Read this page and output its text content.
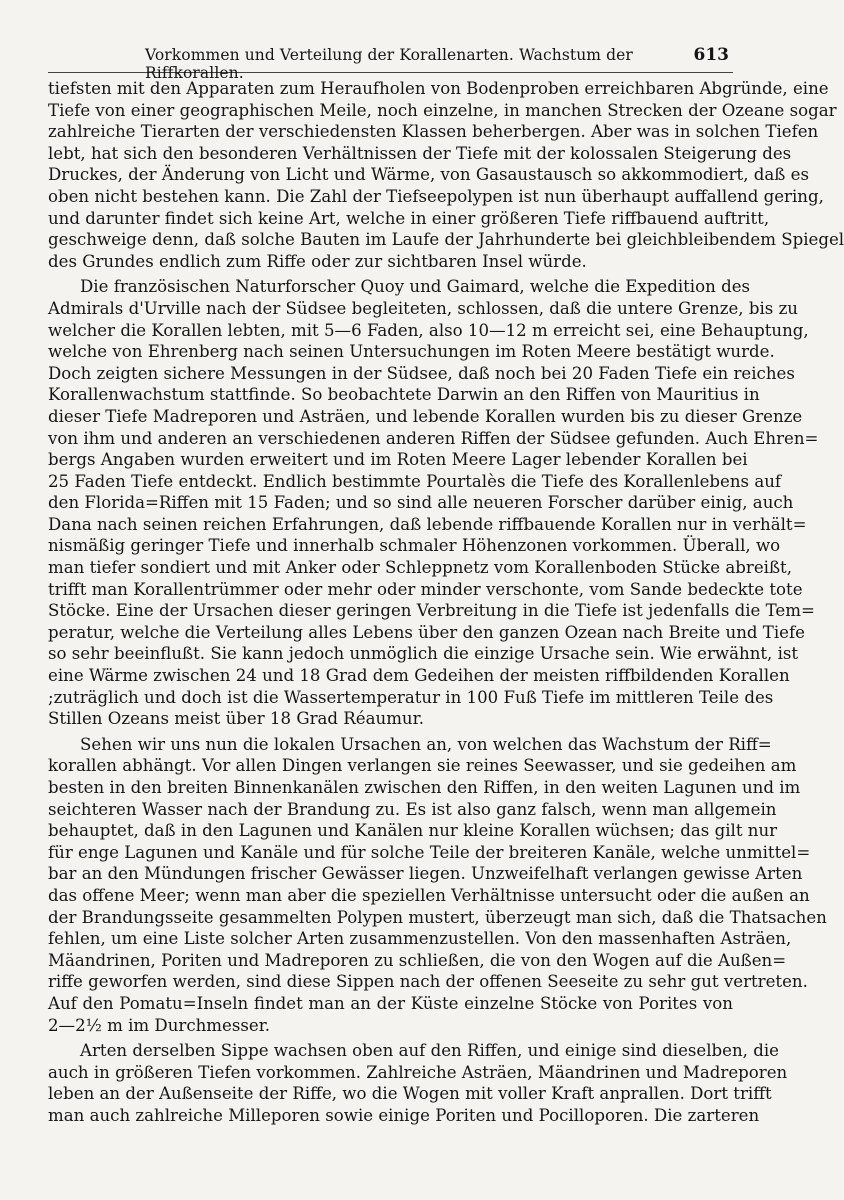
Vorkommen und Verteilung der Korallenarten. Wachstum der Riffkorallen.
613
tiefsten mit den Apparaten zum Heraufholen von Bodenproben erreichbaren Abgründe, eine
Tiefe von einer geographischen Meile, noch einzelne, in manchen Strecken der Ozeane sogar
zahlreiche Tierarten der verschiedensten Klassen beherbergen. Aber was in solchen Tiefen
lebt, hat sich den besonderen Verhältnissen der Tiefe mit der kolossalen Steigerung des
Druckes, der Änderung von Licht und Wärme, von Gasaustausch so akkommodiert, daß es
oben nicht bestehen kann. Die Zahl der Tiefseepolypen ist nun überhaupt auffallend gering,
und darunter findet sich keine Art, welche in einer größeren Tiefe riffbauend auftritt,
geschweige denn, daß solche Bauten im Laufe der Jahrhunderte bei gleichbleibendem Spiegel
des Grundes endlich zum Riffe oder zur sichtbaren Insel würde.
Die französischen Naturforscher Quoy und Gaimard, welche die Expedition des
Admirals d'Urville nach der Südsee begleiteten, schlossen, daß die untere Grenze, bis zu
welcher die Korallen lebten, mit 5—6 Faden, also 10—12 m erreicht sei, eine Behauptung,
welche von Ehrenberg nach seinen Untersuchungen im Roten Meere bestätigt wurde.
Doch zeigten sichere Messungen in der Südsee, daß noch bei 20 Faden Tiefe ein reiches
Korallenwachstum stattfinde. So beobachtete Darwin an den Riffen von Mauritius in
dieser Tiefe Madreporen und Asträen, und lebende Korallen wurden bis zu dieser Grenze
von ihm und anderen an verschiedenen anderen Riffen der Südsee gefunden. Auch Ehren=
bergs Angaben wurden erweitert und im Roten Meere Lager lebender Korallen bei
25 Faden Tiefe entdeckt. Endlich bestimmte Pourtalès die Tiefe des Korallenlebens auf
den Florida=Riffen mit 15 Faden; und so sind alle neueren Forscher darüber einig, auch
Dana nach seinen reichen Erfahrungen, daß lebende riffbauende Korallen nur in verhält=
nismäßig geringer Tiefe und innerhalb schmaler Höhenzonen vorkommen. Überall, wo
man tiefer sondiert und mit Anker oder Schleppnetz vom Korallenboden Stücke abreißt,
trifft man Korallentrümmer oder mehr oder minder verschonte, vom Sande bedeckte tote
Stöcke. Eine der Ursachen dieser geringen Verbreitung in die Tiefe ist jedenfalls die Tem=
peratur, welche die Verteilung alles Lebens über den ganzen Ozean nach Breite und Tiefe
so sehr beeinflußt. Sie kann jedoch unmöglich die einzige Ursache sein. Wie erwähnt, ist
eine Wärme zwischen 24 und 18 Grad dem Gedeihen der meisten riffbildenden Korallen
;zuträglich und doch ist die Wassertemperatur in 100 Fuß Tiefe im mittleren Teile des
Stillen Ozeans meist über 18 Grad Réaumur.
Sehen wir uns nun die lokalen Ursachen an, von welchen das Wachstum der Riff=
korallen abhängt. Vor allen Dingen verlangen sie reines Seewasser, und sie gedeihen am
besten in den breiten Binnenkanälen zwischen den Riffen, in den weiten Lagunen und im
seichteren Wasser nach der Brandung zu. Es ist also ganz falsch, wenn man allgemein
behauptet, daß in den Lagunen und Kanälen nur kleine Korallen wüchsen; das gilt nur
für enge Lagunen und Kanäle und für solche Teile der breiteren Kanäle, welche unmittel=
bar an den Mündungen frischer Gewässer liegen. Unzweifelhaft verlangen gewisse Arten
das offene Meer; wenn man aber die speziellen Verhältnisse untersucht oder die außen an
der Brandungsseite gesammelten Polypen mustert, überzeugt man sich, daß die Thatsachen
fehlen, um eine Liste solcher Arten zusammenzustellen. Von den massenhaften Asträen,
Mäandrinen, Poriten und Madreporen zu schließen, die von den Wogen auf die Außen=
riffe geworfen werden, sind diese Sippen nach der offenen Seeseite zu sehr gut vertreten.
Auf den Pomatu=Inseln findet man an der Küste einzelne Stöcke von Porites von
2—2½ m im Durchmesser.
Arten derselben Sippe wachsen oben auf den Riffen, und einige sind dieselben, die
auch in größeren Tiefen vorkommen. Zahlreiche Asträen, Mäandrinen und Madreporen
leben an der Außenseite der Riffe, wo die Wogen mit voller Kraft anprallen. Dort trifft
man auch zahlreiche Milleporen sowie einige Poriten und Pocilloporen. Die zarteren
